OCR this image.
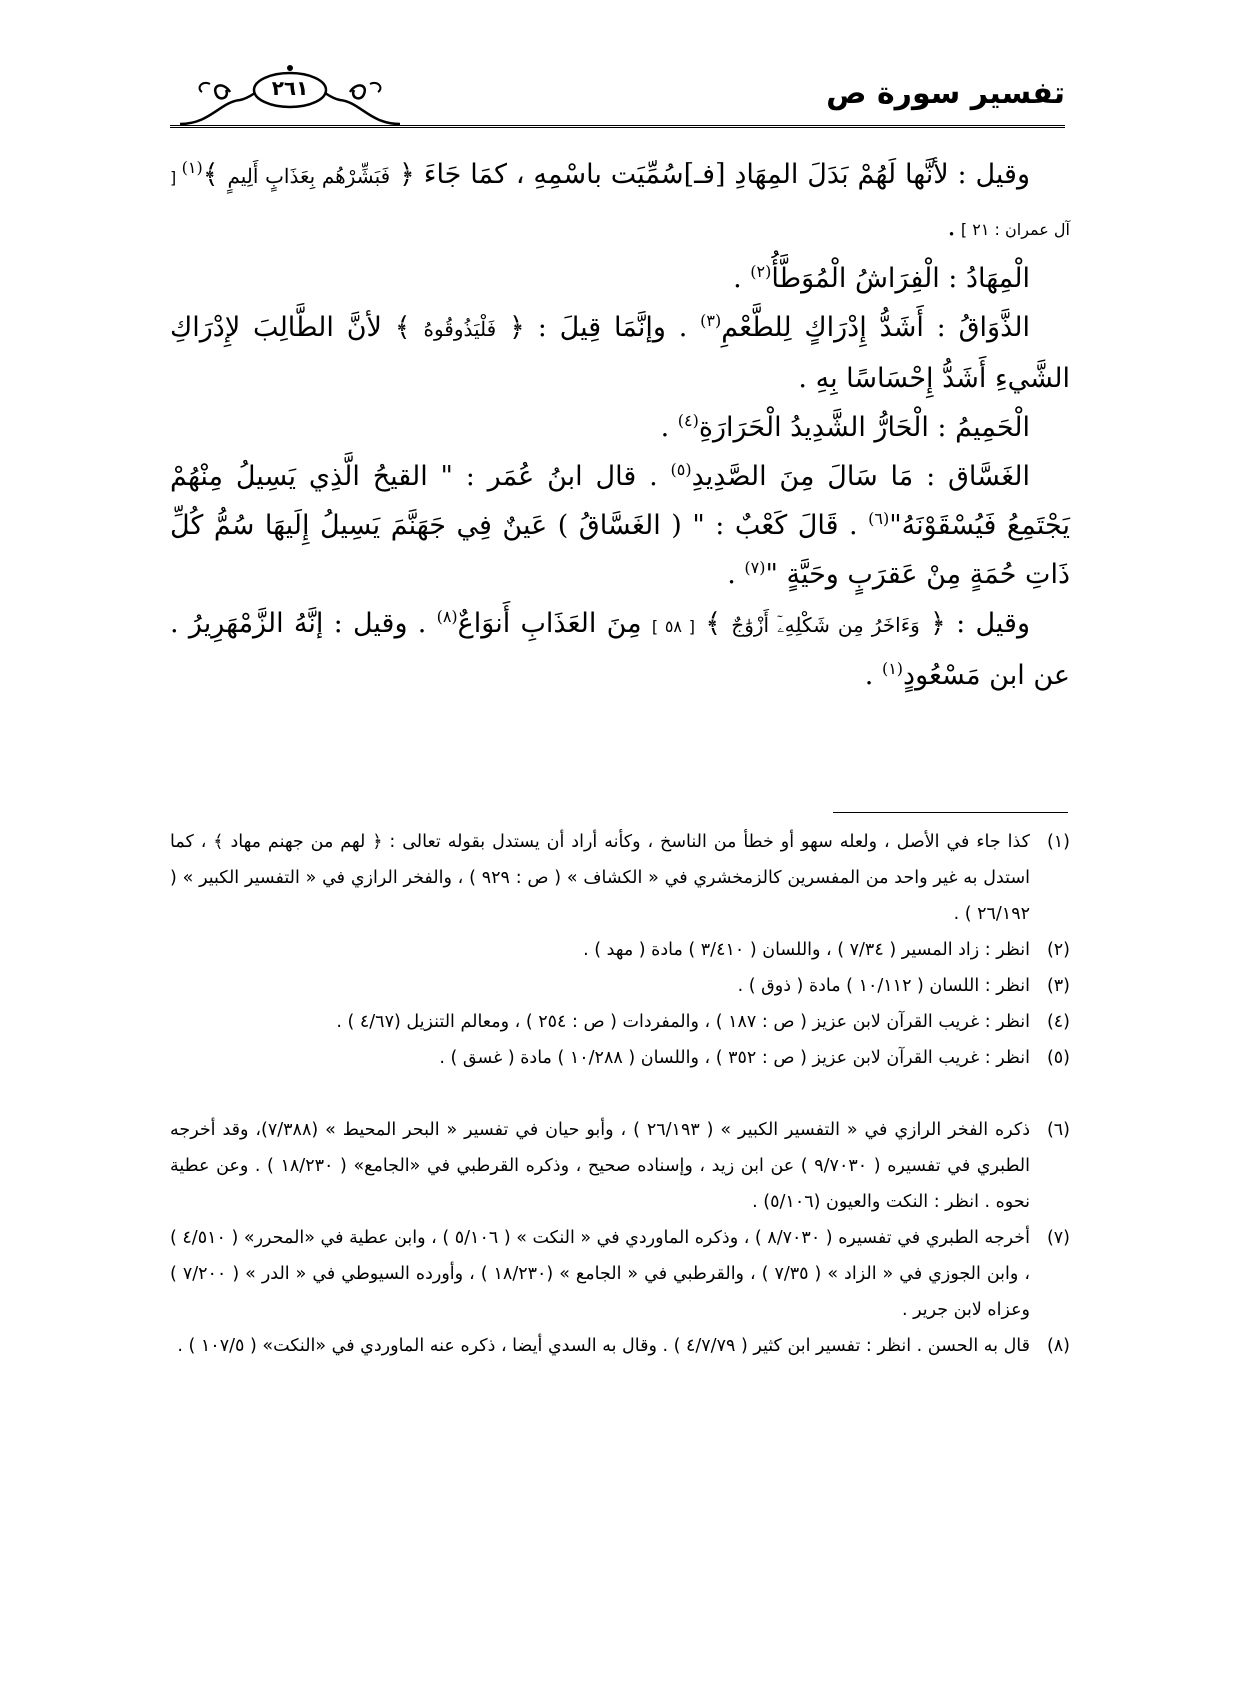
تفسير سورة ص
٢٦١

وقيل : لأنَّها لَهُمْ بَدَلَ المِهَادِ [فـ]سُمِّيَت باسْمِهِ ، كمَا جَاءَ ﴿ فَبَشِّرْهُم بِعَذَابٍ أَلِيمٍ ﴾$^{(١)}$ [ آل عمران : ٢١ ] .

الْمِهَادُ : الْفِرَاشُ الْمُوَطَّأُ$^{(٢)}$ .

الذَّوَاقُ : أَشَدُّ إِدْرَاكٍ لِلطَّعْمِ$^{(٣)}$ . وإنَّمَا قِيلَ : ﴿ فَلْيَذُوقُوهُ ﴾ لأنَّ الطَّالِبَ لإِدْرَاكِ الشَّيءِ أَشَدُّ إِحْسَاسًا بِهِ .

الْحَمِيمُ : الْحَارُّ الشَّدِيدُ الْحَرَارَةِ$^{(٤)}$ .

الغَسَّاق : مَا سَالَ مِنَ الصَّدِيدِ$^{(٥)}$ . قال ابنُ عُمَر : " القيحُ الَّذِي يَسِيلُ مِنْهُمْ يَجْتَمِعُ فَيُسْقَوْنَهُ"$^{(٦)}$ . قَالَ كَعْبٌ : " ( الغَسَّاقُ ) عَينٌ فِي جَهَنَّمَ يَسِيلُ إِلَيهَا سُمُّ كُلِّ ذَاتِ حُمَةٍ مِنْ عَقرَبٍ وحَيَّةٍ "$^{(٧)}$ .

وقيل : ﴿ وَءَاخَرُ مِن شَكْلِهِۦٓ أَزْوَٰجٌ ﴾ [ ٥٨ ] مِنَ العَذَابِ أَنوَاعٌ$^{(٨)}$ . وقيل : إنَّهُ الزَّمْهَرِيرُ . عن ابن مَسْعُودٍ$^{(١)}$ .

(١)
كذا جاء في الأصل ، ولعله سهو أو خطأ من الناسخ ، وكأنه أراد أن يستدل بقوله تعالى : ﴿ لهم من جهنم مهاد ﴾ ، كما استدل به غير واحد من المفسرين كالزمخشري في « الكشاف » ( ص : ٩٢٩ ) ، والفخر الرازي في « التفسير الكبير » ( ٢٦/١٩٢ ) .
(٢)
انظر : زاد المسير ( ٧/٣٤ ) ، واللسان ( ٣/٤١٠ ) مادة ( مهد ) .
(٣)
انظر : اللسان ( ١٠/١١٢ ) مادة ( ذوق ) .
(٤)
انظر : غريب القرآن لابن عزيز ( ص : ١٨٧ ) ، والمفردات ( ص : ٢٥٤ ) ، ومعالم التنزيل (٤/٦٧ ) .
(٥)
انظر : غريب القرآن لابن عزيز ( ص : ٣٥٢ ) ، واللسان ( ١٠/٢٨٨ ) مادة ( غسق ) .
(٦)
ذكره الفخر الرازي في « التفسير الكبير » ( ٢٦/١٩٣ ) ، وأبو حيان في تفسير « البحر المحيط » (٧/٣٨٨)، وقد أخرجه الطبري في تفسيره ( ٩/٧٠٣٠ ) عن ابن زيد ، وإسناده صحيح ، وذكره القرطبي في «الجامع» ( ١٨/٢٣٠ ) . وعن عطية نحوه . انظر : النكت والعيون (٥/١٠٦) .
(٧)
أخرجه الطبري في تفسيره ( ٨/٧٠٣٠ ) ، وذكره الماوردي في « النكت » ( ٥/١٠٦ ) ، وابن عطية في «المحرر» ( ٤/٥١٠ ) ، وابن الجوزي في « الزاد » ( ٧/٣٥ ) ، والقرطبي في « الجامع » (١٨/٢٣٠ ) ، وأورده السيوطي في « الدر » ( ٧/٢٠٠ ) وعزاه لابن جرير .
(٨)
قال به الحسن . انظر : تفسير ابن كثير ( ٤/٧/٧٩ ) . وقال به السدي أيضا ، ذكره عنه الماوردي في «النكت» ( ١٠٧/٥ ) .
